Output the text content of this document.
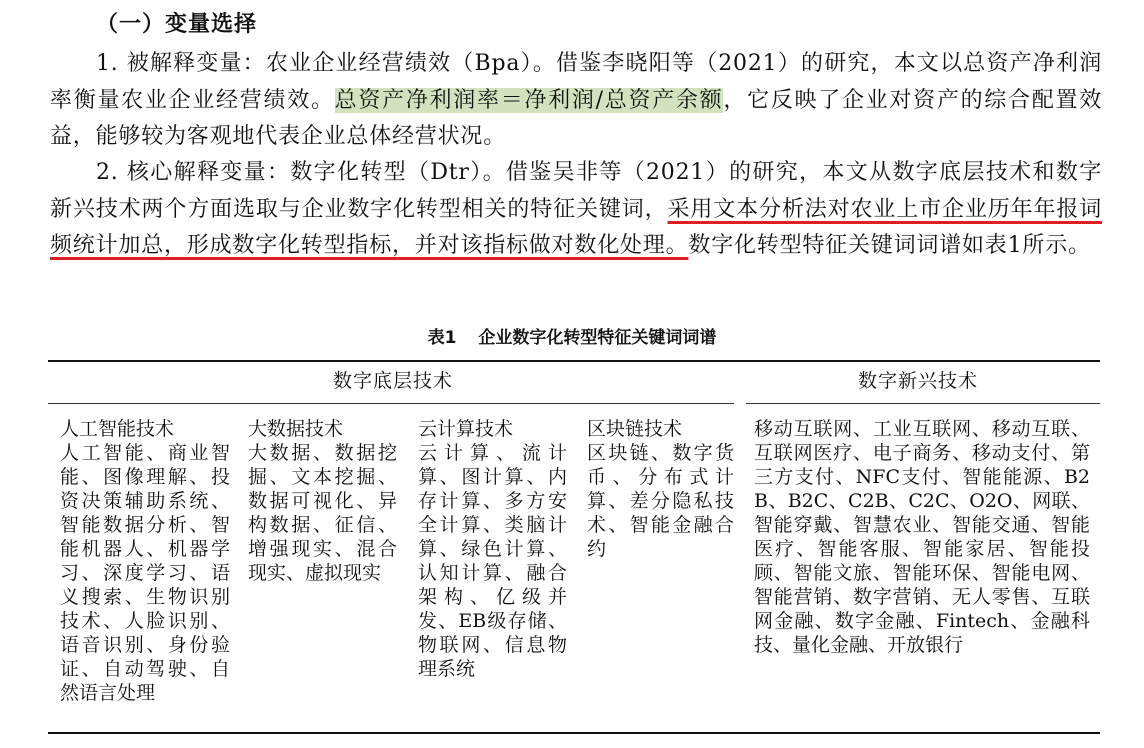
（一）变量选择
1. 被解释变量：农业企业经营绩效（Bpa）。借鉴李晓阳等（2021）的研究，本文以总资产净利润率衡量农业企业经营绩效。总资产净利润率＝净利润/总资产余额，它反映了企业对资产的综合配置效益，能够较为客观地代表企业总体经营状况。
2. 核心解释变量：数字化转型（Dtr）。借鉴吴非等（2021）的研究，本文从数字底层技术和数字新兴技术两个方面选取与企业数字化转型相关的特征关键词，采用文本分析法对农业上市企业历年年报词频统计加总，形成数字化转型指标，并对该指标做对数化处理。数字化转型特征关键词词谱如表1所示。
表1 企业数字化转型特征关键词词谱
数字底层技术	数字新兴技术
人工智能技术
人工智能、商业智能、图像理解、投资决策辅助系统、智能数据分析、智能机器人、机器学习、深度学习、语义搜索、生物识别技术、人脸识别、语音识别、身份验证、自动驾驶、自然语言处理
大数据技术
大数据、数据挖掘、文本挖掘、数据可视化、异构数据、征信、增强现实、混合现实、虚拟现实
云计算技术
云计算、流计算、图计算、内存计算、多方安全计算、类脑计算、绿色计算、认知计算、融合架构、亿级并发、EB级存储、物联网、信息物理系统
区块链技术
区块链、数字货币、分布式计算、差分隐私技术、智能金融合约
移动互联网、工业互联网、移动互联、互联网医疗、电子商务、移动支付、第三方支付、NFC支付、智能能源、B2B、B2C、C2B、C2C、O2O、网联、智能穿戴、智慧农业、智能交通、智能医疗、智能客服、智能家居、智能投顾、智能文旅、智能环保、智能电网、智能营销、数字营销、无人零售、互联网金融、数字金融、Fintech、金融科技、量化金融、开放银行
